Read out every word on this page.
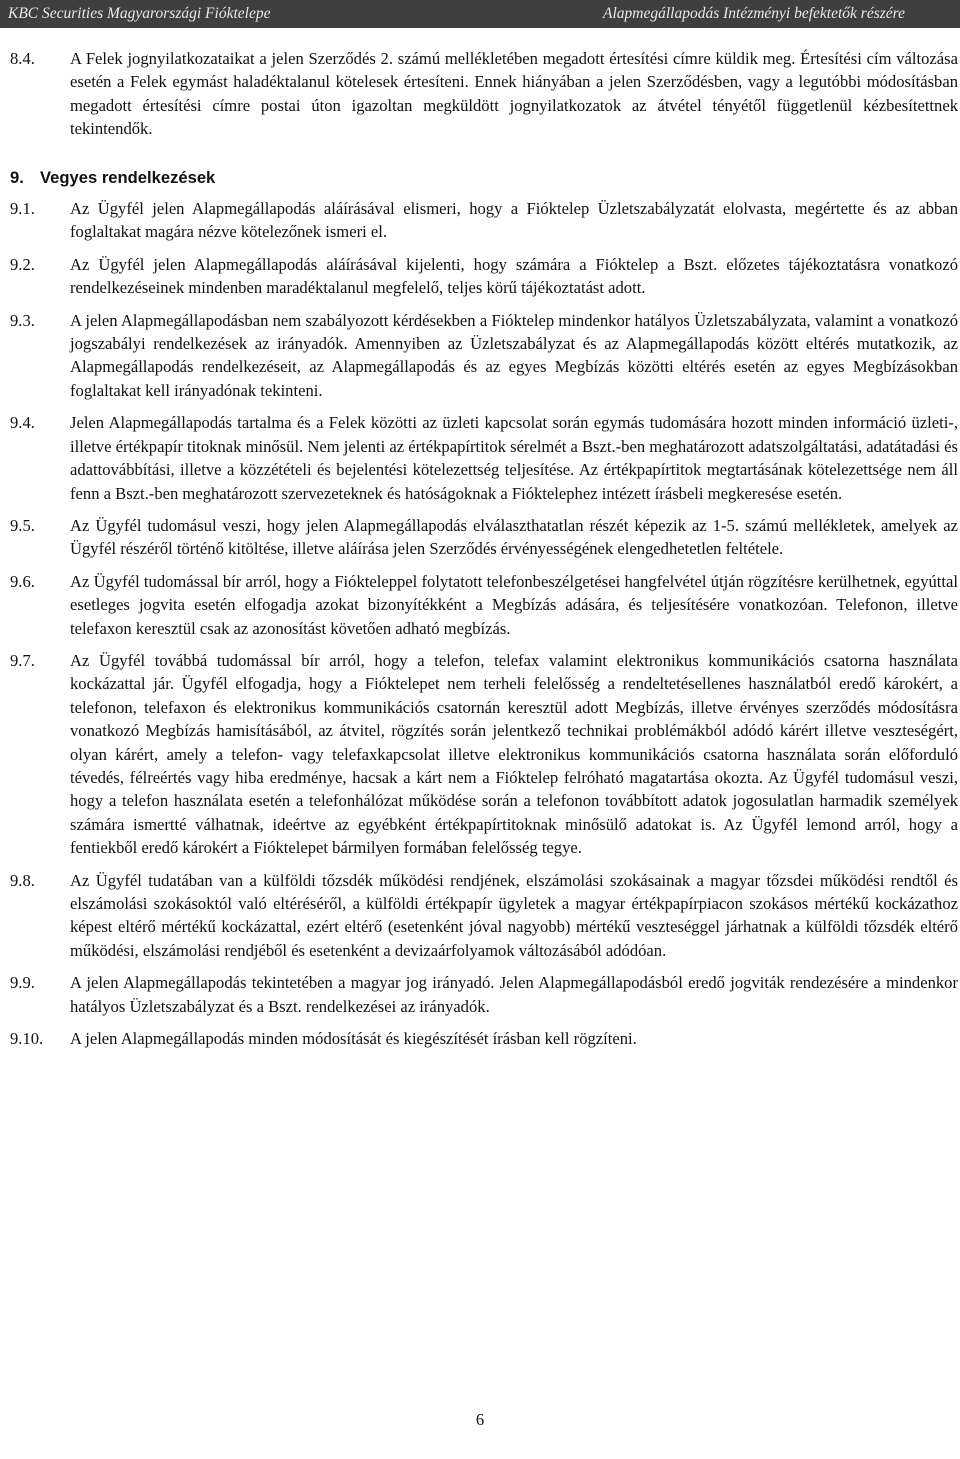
KBC Securities Magyarországi Fióktelepe	Alapmegállapodás Intézményi befektetők részére
8.4.	A Felek jognyilatkozataikat a jelen Szerződés 2. számú mellékletében megadott értesítési címre küldik meg. Értesítési cím változása esetén a Felek egymást haladéktalanul kötelesek értesíteni. Ennek hiányában a jelen Szerződésben, vagy a legutóbbi módosításban megadott értesítési címre postai úton igazoltan megküldött jognyilatkozatok az átvétel tényétől függetlenül kézbesítettnek tekintendők.
9. Vegyes rendelkezések
9.1.	Az Ügyfél jelen Alapmegállapodás aláírásával elismeri, hogy a Fióktelep Üzletszabályzatát elolvasta, megértette és az abban foglaltakat magára nézve kötelezőnek ismeri el.
9.2.	Az Ügyfél jelen Alapmegállapodás aláírásával kijelenti, hogy számára a Fióktelep a Bszt. előzetes tájékoztatásra vonatkozó rendelkezéseinek mindenben maradéktalanul megfelelő, teljes körű tájékoztatást adott.
9.3.	A jelen Alapmegállapodásban nem szabályozott kérdésekben a Fióktelep mindenkor hatályos Üzletszabályzata, valamint a vonatkozó jogszabályi rendelkezések az irányadók. Amennyiben az Üzletszabályzat és az Alapmegállapodás között eltérés mutatkozik, az Alapmegállapodás rendelkezéseit, az Alapmegállapodás és az egyes Megbízás közötti eltérés esetén az egyes Megbízásokban foglaltakat kell irányadónak tekinteni.
9.4.	Jelen Alapmegállapodás tartalma és a Felek közötti az üzleti kapcsolat során egymás tudomására hozott minden információ üzleti-, illetve értékpapír titoknak minősül. Nem jelenti az értékpapírtitok sérelmét a Bszt.-ben meghatározott adatszolgáltatási, adatátadási és adattovábbítási, illetve a közzétételi és bejelentési kötelezettség teljesítése. Az értékpapírtitok megtartásának kötelezettsége nem áll fenn a Bszt.-ben meghatározott szervezeteknek és hatóságoknak a Fióktelephez intézett írásbeli megkeresése esetén.
9.5.	Az Ügyfél tudomásul veszi, hogy jelen Alapmegállapodás elválaszthatatlan részét képezik az 1-5. számú mellékletek, amelyek az Ügyfél részéről történő kitöltése, illetve aláírása jelen Szerződés érvényességének elengedhetetlen feltétele.
9.6.	Az Ügyfél tudomással bír arról, hogy a Fiókteleppel folytatott telefonbeszélgetései hangfelvétel útján rögzítésre kerülhetnek, egyúttal esetleges jogvita esetén elfogadja azokat bizonyítékként a Megbízás adására, és teljesítésére vonatkozóan. Telefonon, illetve telefaxon keresztül csak az azonosítást követően adható megbízás.
9.7.	Az Ügyfél továbbá tudomással bír arról, hogy a telefon, telefax valamint elektronikus kommunikációs csatorna használata kockázattal jár. Ügyfél elfogadja, hogy a Fióktelepet nem terheli felelősség a rendeltetésellenes használatból eredő károkért, a telefonon, telefaxon és elektronikus kommunikációs csatornán keresztül adott Megbízás, illetve érvényes szerződés módosításra vonatkozó Megbízás hamisításából, az átvitel, rögzítés során jelentkező technikai problémákból adódó kárért illetve veszteségért, olyan kárért, amely a telefon- vagy telefaxkapcsolat illetve elektronikus kommunikációs csatorna használata során előforduló tévedés, félreértés vagy hiba eredménye, hacsak a kárt nem a Fióktelep felróható magatartása okozta. Az Ügyfél tudomásul veszi, hogy a telefon használata esetén a telefonhálózat működése során a telefonon továbbított adatok jogosulatlan harmadik személyek számára ismertté válhatnak, ideértve az egyébként értékpapírtitoknak minősülő adatokat is. Az Ügyfél lemond arról, hogy a fentiekből eredő károkért a Fióktelepet bármilyen formában felelősség tegye.
9.8.	Az Ügyfél tudatában van a külföldi tőzsdék működési rendjének, elszámolási szokásainak a magyar tőzsdei működési rendtől és elszámolási szokásoktól való eltéréséről, a külföldi értékpapír ügyletek a magyar értékpapírpiacon szokásos mértékű kockázathoz képest eltérő mértékű kockázattal, ezért eltérő (esetenként jóval nagyobb) mértékű veszteséggel járhatnak a külföldi tőzsdék eltérő működési, elszámolási rendjéből és esetenként a devizaárfolyamok változásából adódóan.
9.9.	A jelen Alapmegállapodás tekintetében a magyar jog irányadó. Jelen Alapmegállapodásból eredő jogviták rendezésére a mindenkor hatályos Üzletszabályzat és a Bszt. rendelkezései az irányadók.
9.10.	A jelen Alapmegállapodás minden módosítását és kiegészítését írásban kell rögzíteni.
6
